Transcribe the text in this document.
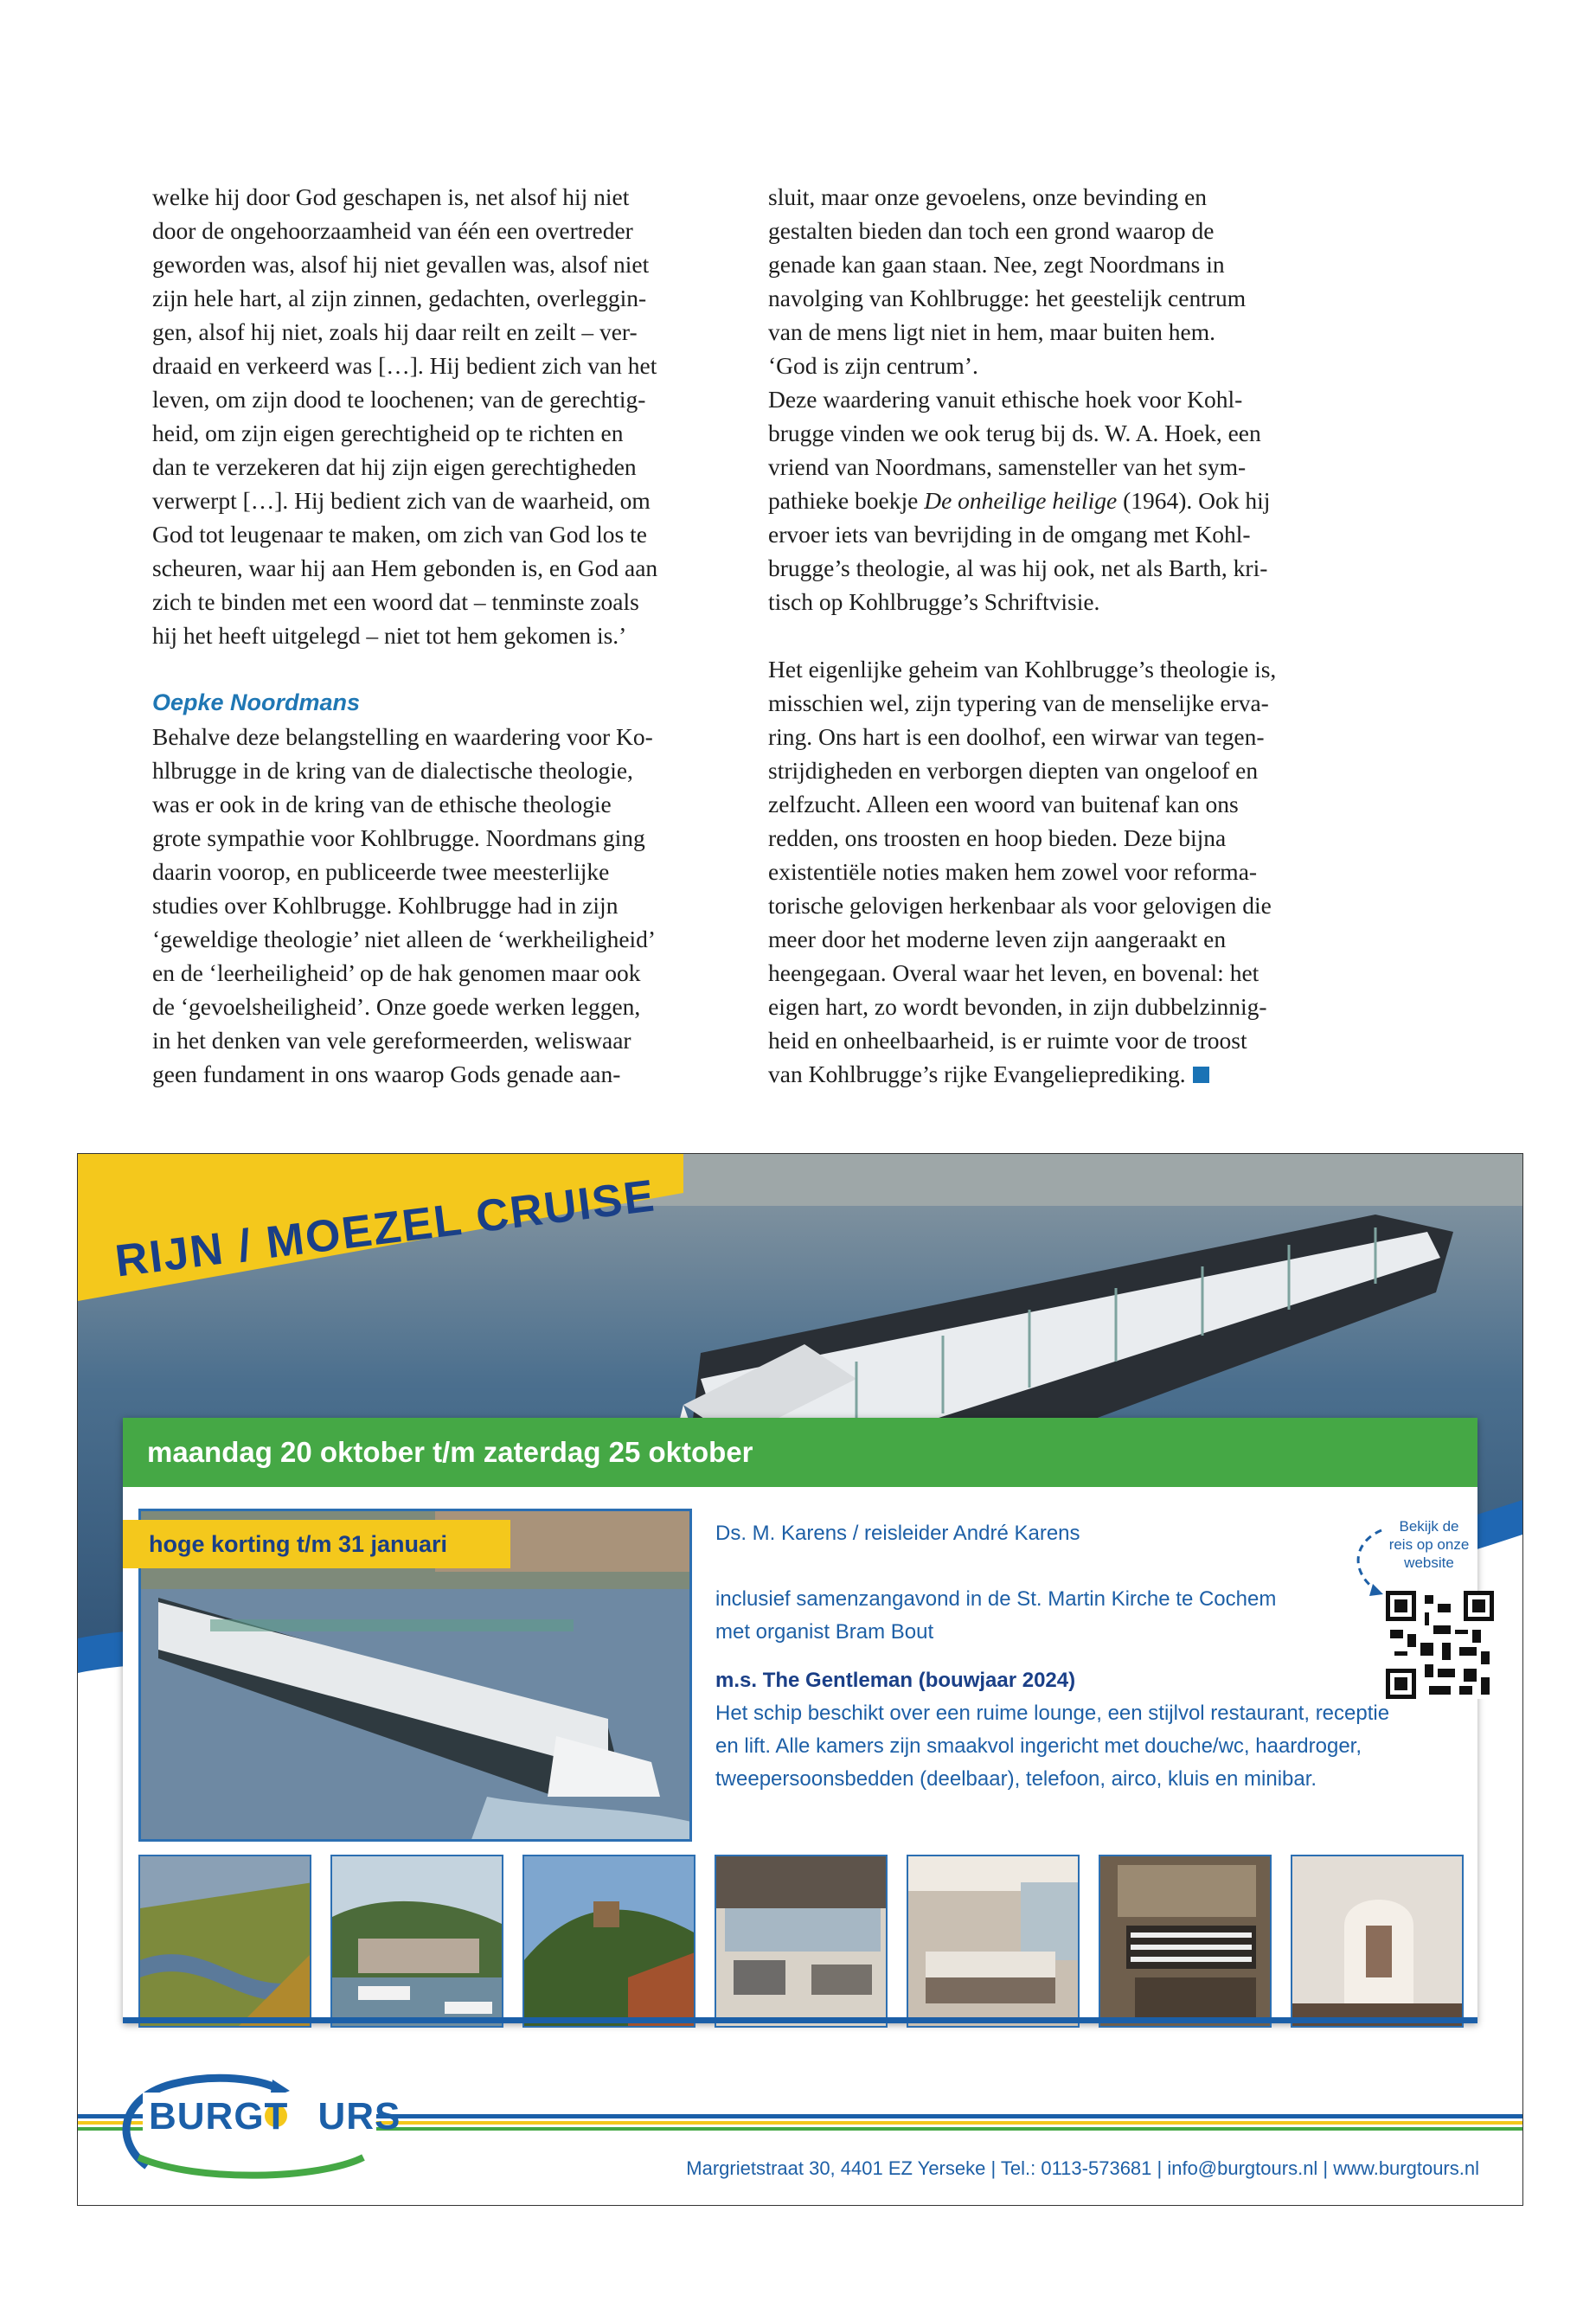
welke hij door God geschapen is, net alsof hij niet

door de ongehoorzaamheid van één een overtreder

geworden was, alsof hij niet gevallen was, alsof niet

zijn hele hart, al zijn zinnen, gedachten, overleggin-

gen, alsof hij niet, zoals hij daar reilt en zeilt – ver-

draaid en verkeerd was […]. Hij bedient zich van het

leven, om zijn dood te loochenen; van de gerechtig-

heid, om zijn eigen gerechtigheid op te richten en

dan te verzekeren dat hij zijn eigen gerechtigheden

verwerpt […]. Hij bedient zich van de waarheid, om

God tot leugenaar te maken, om zich van God los te

scheuren, waar hij aan Hem gebonden is, en God aan

zich te binden met een woord dat – tenminste zoals

hij het heeft uitgelegd – niet tot hem gekomen is.’

Oepke Noordmans

Behalve deze belangstelling en waardering voor Ko-

hlbrugge in de kring van de dialectische theologie,

was er ook in de kring van de ethische theologie

grote sympathie voor Kohlbrugge. Noordmans ging

daarin voorop, en publiceerde twee meesterlijke

studies over Kohlbrugge. Kohlbrugge had in zijn

‘geweldige theologie’ niet alleen de ‘werkheiligheid’

en de ‘leerheiligheid’ op de hak genomen maar ook

de ‘gevoelsheiligheid’. Onze goede werken leggen,

in het denken van vele gereformeerden, weliswaar

geen fundament in ons waarop Gods genade aan-

sluit, maar onze gevoelens, onze bevinding en

gestalten bieden dan toch een grond waarop de

genade kan gaan staan. Nee, zegt Noordmans in

navolging van Kohlbrugge: het geestelijk centrum

van de mens ligt niet in hem, maar buiten hem.

‘God is zijn centrum’.

Deze waardering vanuit ethische hoek voor Kohl-

brugge vinden we ook terug bij ds. W. A. Hoek, een

vriend van Noordmans, samensteller van het sym-

pathieke boekje De onheilige heilige (1964). Ook hij

ervoer iets van bevrijding in de omgang met Kohl-

brugge’s theologie, al was hij ook, net als Barth, kri-

tisch op Kohlbrugge’s Schriftvisie.

Het eigenlijke geheim van Kohlbrugge’s theologie is,

misschien wel, zijn typering van de menselijke erva-

ring. Ons hart is een doolhof, een wirwar van tegen-

strijdigheden en verborgen diepten van ongeloof en

zelfzucht. Alleen een woord van buitenaf kan ons

redden, ons troosten en hoop bieden. Deze bijna

existentiële noties maken hem zowel voor reforma-

torische gelovigen herkenbaar als voor gelovigen die

meer door het moderne leven zijn aangeraakt en

heengegaan. Overal waar het leven, en bovenal: het

eigen hart, zo wordt bevonden, in zijn dubbelzinnig-

heid en onheelbaarheid, is er ruimte voor de troost

van Kohlbrugge’s rijke Evangelieprediking.

RIJN / MOEZEL CRUISE
maandag 20 oktober t/m zaterdag 25 oktober
hoge korting t/m 31 januari	Ds. M. Karens / reisleider André Karens

inclusief samenzangavond in de St. Martin Kirche te Cochem

met organist Bram Bout

m.s. The Gentleman (bouwjaar 2024)

Het schip beschikt over een ruime lounge, een stijlvol restaurant, receptie

en lift. Alle kamers zijn smaakvol ingericht met douche/wc, haardroger,

tweepersoonsbedden (deelbaar), telefoon, airco, kluis en minibar.

Bekijk de
reis op onze
website
BURGT URS
Margrietstraat 30, 4401 EZ Yerseke | Tel.: 0113-573681 | info@burgtours.nl | www.burgtours.nl
